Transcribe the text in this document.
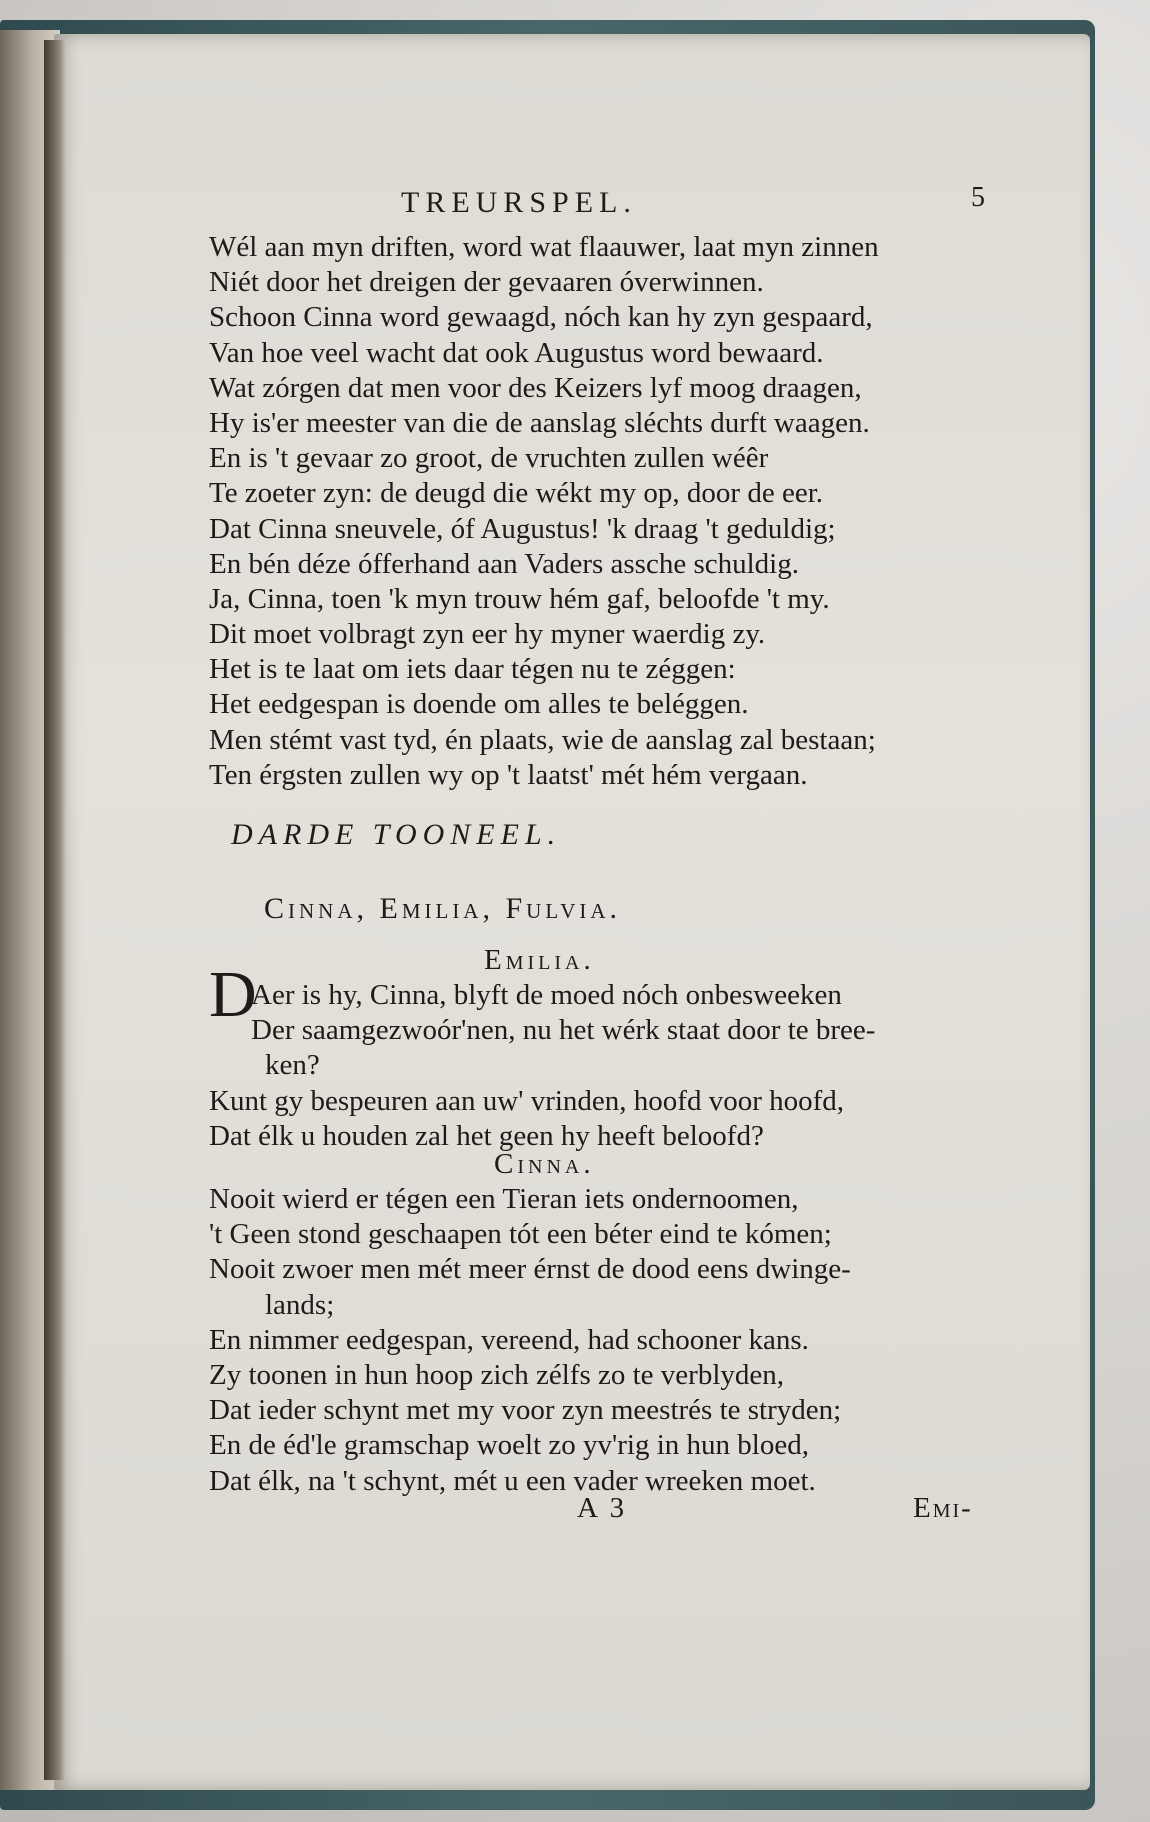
TREURSPEL.	5
Wél aan myn driften, word wat flaauwer, laat myn zinnen
Niét door het dreigen der gevaaren óverwinnen.
Schoon Cinna word gewaagd, nóch kan hy zyn gespaard,
Van hoe veel wacht dat ook Augustus word bewaard.
Wat zórgen dat men voor des Keizers lyf moog draagen,
Hy is'er meester van die de aanslag sléchts durft waagen.
En is 't gevaar zo groot, de vruchten zullen wéêr
Te zoeter zyn: de deugd die wékt my op, door de eer.
Dat Cinna sneuvele, óf Augustus! 'k draag 't geduldig;
En bén déze ófferhand aan Vaders assche schuldig.
Ja, Cinna, toen 'k myn trouw hém gaf, beloofde 't my.
Dit moet volbragt zyn eer hy myner waerdig zy.
Het is te laat om iets daar tégen nu te zéggen:
Het eedgespan is doende om alles te beléggen.
Men stémt vast tyd, én plaats, wie de aanslag zal bestaan;
Ten érgsten zullen wy op 't laatst' mét hém vergaan.
DARDE TOONEEL.
Cinna, Emilia, Fulvia.
Emilia.
D
Aer is hy, Cinna, blyft de moed nóch onbesweeken
Der saamgezwoór'nen, nu het wérk staat door te bree-
ken?
Kunt gy bespeuren aan uw' vrinden, hoofd voor hoofd,
Dat élk u houden zal het geen hy heeft beloofd?
Cinna.
Nooit wierd er tégen een Tieran iets ondernoomen,
't Geen stond geschaapen tót een béter eind te kómen;
Nooit zwoer men mét meer érnst de dood eens dwinge-
lands;
En nimmer eedgespan, vereend, had schooner kans.
Zy toonen in hun hoop zich zélfs zo te verblyden,
Dat ieder schynt met my voor zyn meestrés te stryden;
En de éd'le gramschap woelt zo yv'rig in hun bloed,
Dat élk, na 't schynt, mét u een vader wreeken moet.
A 3	Emi-
